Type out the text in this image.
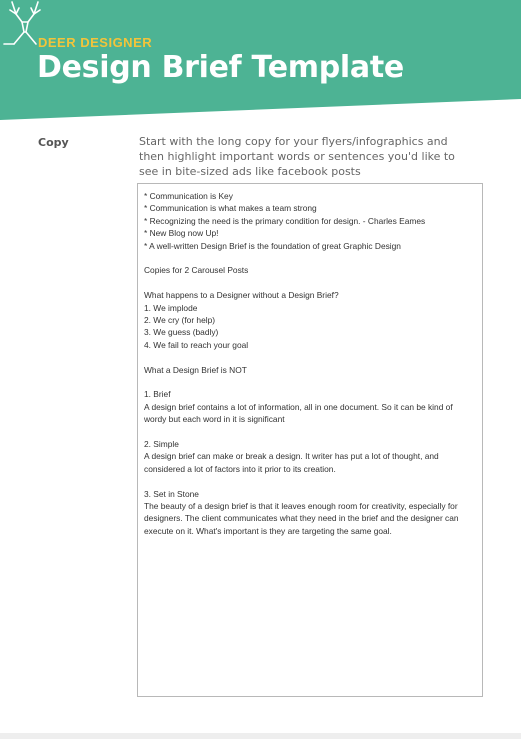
DEER DESIGNER
Design Brief Template
Copy	Start with the long copy for your flyers/infographics and then highlight important words or sentences you'd like to see in bite-sized ads like facebook posts
* Communication is Key
* Communication is what makes a team strong
* Recognizing the need is the primary condition for design. - Charles Eames
* New Blog now Up!
* A well-written Design Brief is the foundation of great Graphic Design
Copies for 2 Carousel Posts
What happens to a Designer without a Design Brief?
1. We implode
2. We cry (for help)
3. We guess (badly)
4. We fail to reach your goal
What a Design Brief is NOT
1. Brief
A design brief contains a lot of information, all in one document. So it can be kind of wordy but each word in it is significant
2. Simple
A design brief can make or break a design. It writer has put a lot of thought, and considered a lot of factors into it prior to its creation.
3. Set in Stone
The beauty of a design brief is that it leaves enough room for creativity, especially for designers. The client communicates what they need in the brief and the designer can execute on it. What's important is they are targeting the same goal.
